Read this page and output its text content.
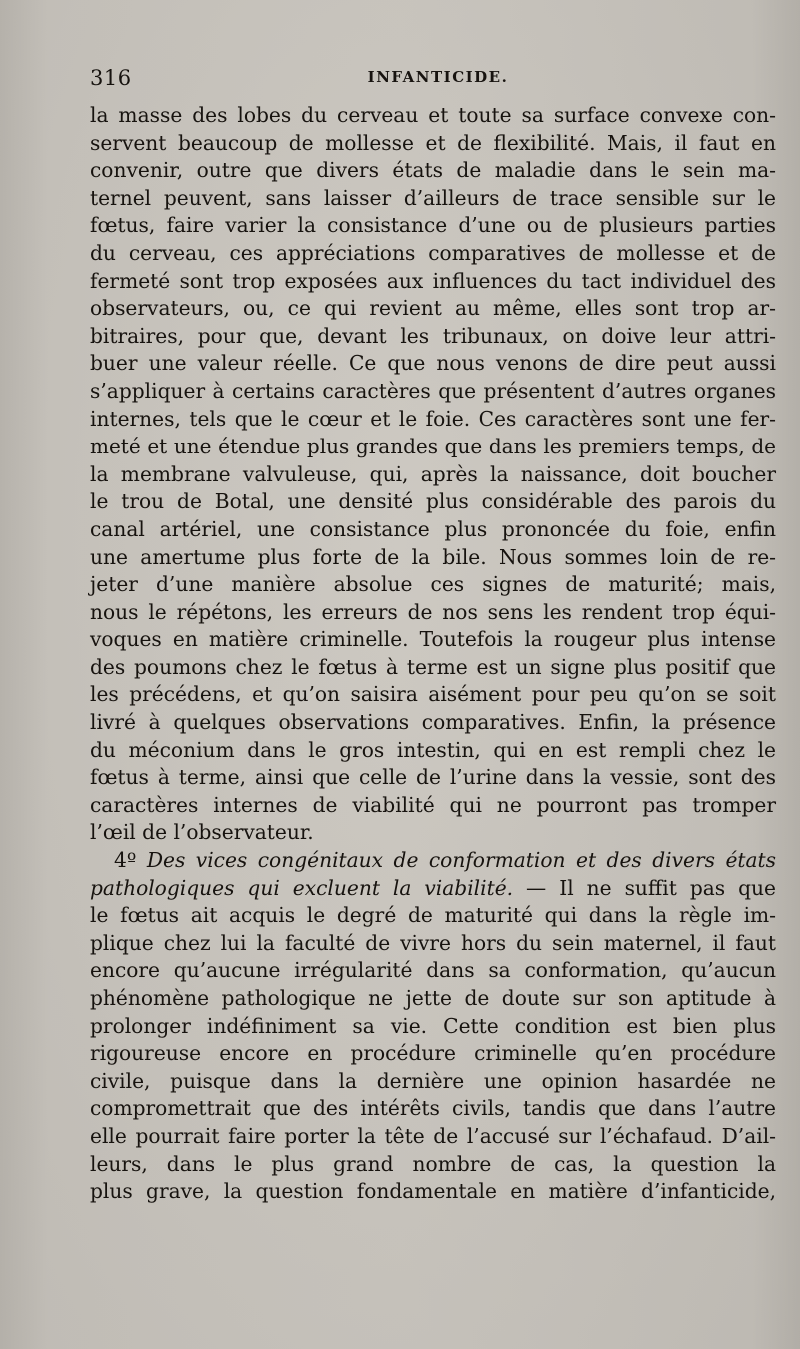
316	INFANTICIDE.
la masse des lobes du cerveau et toute sa surface convexe con-
servent beaucoup de mollesse et de flexibilité. Mais, il faut en
convenir, outre que divers états de maladie dans le sein ma-
ternel peuvent, sans laisser d’ailleurs de trace sensible sur le
fœtus, faire varier la consistance d’une ou de plusieurs parties
du cerveau, ces appréciations comparatives de mollesse et de
fermeté sont trop exposées aux influences du tact individuel des
observateurs, ou, ce qui revient au même, elles sont trop ar-
bitraires, pour que, devant les tribunaux, on doive leur attri-
buer une valeur réelle. Ce que nous venons de dire peut aussi
s’appliquer à certains caractères que présentent d’autres organes
internes, tels que le cœur et le foie. Ces caractères sont une fer-
meté et une étendue plus grandes que dans les premiers temps, de
la membrane valvuleuse, qui, après la naissance, doit boucher
le trou de Botal, une densité plus considérable des parois du
canal artériel, une consistance plus prononcée du foie, enfin
une amertume plus forte de la bile. Nous sommes loin de re-
jeter d’une manière absolue ces signes de maturité; mais,
nous le répétons, les erreurs de nos sens les rendent trop équi-
voques en matière criminelle. Toutefois la rougeur plus intense
des poumons chez le fœtus à terme est un signe plus positif que
les précédens, et qu’on saisira aisément pour peu qu’on se soit
livré à quelques observations comparatives. Enfin, la présence
du méconium dans le gros intestin, qui en est rempli chez le
fœtus à terme, ainsi que celle de l’urine dans la vessie, sont des
caractères internes de viabilité qui ne pourront pas tromper
l’œil de l’observateur.
4º Des vices congénitaux de conformation et des divers états
pathologiques qui excluent la viabilité. — Il ne suffit pas que
le fœtus ait acquis le degré de maturité qui dans la règle im-
plique chez lui la faculté de vivre hors du sein maternel, il faut
encore qu’aucune irrégularité dans sa conformation, qu’aucun
phénomène pathologique ne jette de doute sur son aptitude à
prolonger indéfiniment sa vie. Cette condition est bien plus
rigoureuse encore en procédure criminelle qu’en procédure
civile, puisque dans la dernière une opinion hasardée ne
compromettrait que des intérêts civils, tandis que dans l’autre
elle pourrait faire porter la tête de l’accusé sur l’échafaud. D’ail-
leurs, dans le plus grand nombre de cas, la question la
plus grave, la question fondamentale en matière d’infanticide,
